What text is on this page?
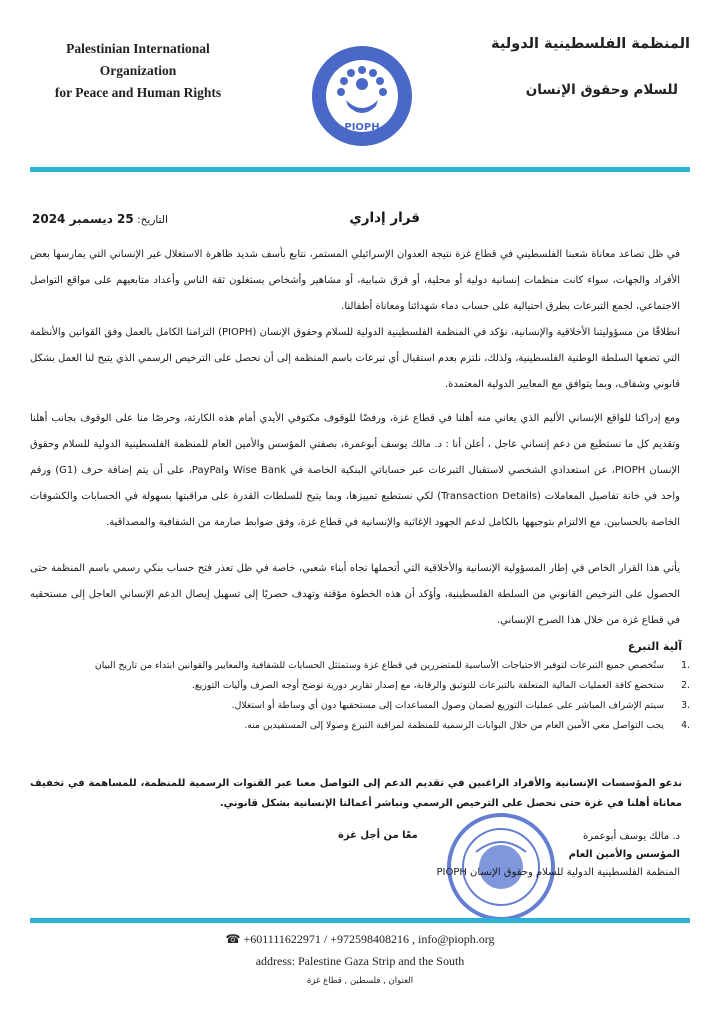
Palestinian International
Organization
for Peace and Human Rights
PIOPH
المنظمة الفلسطينية الدولية
للسلام وحقوق الإنسان
قرار إداري
التاريخ: 25 ديسمبر 2024
في ظل تصاعد معاناة شعبنا الفلسطيني في قطاع غزة نتيجة العدوان الإسرائيلي المستمر، نتابع بأسف شديد ظاهرة الاستغلال غير الإنساني التي يمارسها بعض الأفراد والجهات، سواء كانت منظمات إنسانية دولية أو محلية، أو فرق شبابية، أو مشاهير وأشخاص يستغلون ثقة الناس وأعداد متابعيهم على مواقع التواصل الاجتماعي، لجمع التبرعات بطرق احتيالية على حساب دماء شهدائنا ومعاناة أطفالنا.
انطلاقًا من مسؤوليتنا الأخلاقية والإنسانية، نؤكد في المنظمة الفلسطينية الدولية للسلام وحقوق الإنسان (PIOPH) التزامنا الكامل بالعمل وفق القوانين والأنظمة التي تضعها السلطة الوطنية الفلسطينية، ولذلك، نلتزم بعدم استقبال أي تبرعات باسم المنظمة إلى أن نحصل على الترخيص الرسمي الذي يتيح لنا العمل بشكل قانوني وشفاف، وبما يتوافق مع المعايير الدولية المعتمدة.
ومع إدراكنا للواقع الإنساني الأليم الذي يعاني منه أهلنا في قطاع غزة، ورفضًا للوقوف مكتوفي الأيدي أمام هذه الكارثة، وحرصًا منا على الوقوف بجانب أهلنا وتقديم كل ما نستطيع من دعم إنساني عاجل ، أعلن أنا : د. مالك يوسف أبوعمرة، بصفتي المؤسس والأمين العام للمنظمة الفلسطينية الدولية للسلام وحقوق الإنسان PIOPH، عن استعدادي الشخصي لاستقبال التبرعات عبر حساباتي البنكية الخاصة في Wise Bank وPayPal، على أن يتم إضافة حرف (G1) ورقم واحد في خانة تفاصيل المعاملات (Transaction Details) لكي نستطيع تمييزها، وبما يتيح للسلطات القدرة على مراقبتها بسهولة في الحسابات والكشوفات الخاصة بالحسابين. مع الالتزام بتوجيهها بالكامل لدعم الجهود الإغاثية والإنسانية في قطاع غزة، وفق ضوابط صارمة من الشفافية والمصداقية.
يأتي هذا القرار الخاص في إطار المسؤولية الإنسانية والأخلاقية التي أتحملها تجاه أبناء شعبي، خاصة في ظل تعذر فتح حساب بنكي رسمي باسم المنظمة حتى الحصول على الترخيص القانوني من السلطة الفلسطينية، وأؤكد أن هذه الخطوة مؤقتة وتهدف حصريًا إلى تسهيل إيصال الدعم الإنساني العاجل إلى مستحقيه في قطاع غزة من خلال هذا الصرح الإنساني.
آلية التبرع
.1ستُخصص جميع التبرعات لتوفير الاحتياجات الأساسية للمتضررين في قطاع غزة وستمتثل الحسابات للشفافية والمعايير والقوانين ابتداء من تاريخ البيان
.2ستخضع كافة العمليات المالية المتعلقة بالتبرعات للتوثيق والرقابة، مع إصدار تقارير دورية توضح أوجه الصرف وآليات التوزيع.
.3سيتم الإشراف المباشر على عمليات التوزيع لضمان وصول المساعدات إلى مستحقيها دون أي وساطة أو استغلال.
.4يجب التواصل معي الأمين العام من خلال البوابات الرسمية للمنظمة لمراقبة التبرع وصولا إلى المستفيدين منه.
ندعو المؤسسات الإنسانية والأفراد الراغبين في تقديم الدعم إلى التواصل معنا عبر القنوات الرسمية للمنظمة، للمساهمة في تخفيف معاناة أهلنا في غزة حتى نحصل على الترخيص الرسمي ونباشر أعمالنا الإنسانية بشكل قانوني.
د. مالك يوسف أبوعمرة
المؤسس والأمين العام
المنظمة الفلسطينية الدولية للسلام وحقوق الإنسان PIOPH
معًا من أجل غزة
☎ +601111622971 / +972598408216 , info@pioph.org
address: Palestine Gaza Strip and the South
العنوان , فلسطين , قطاع غزة
